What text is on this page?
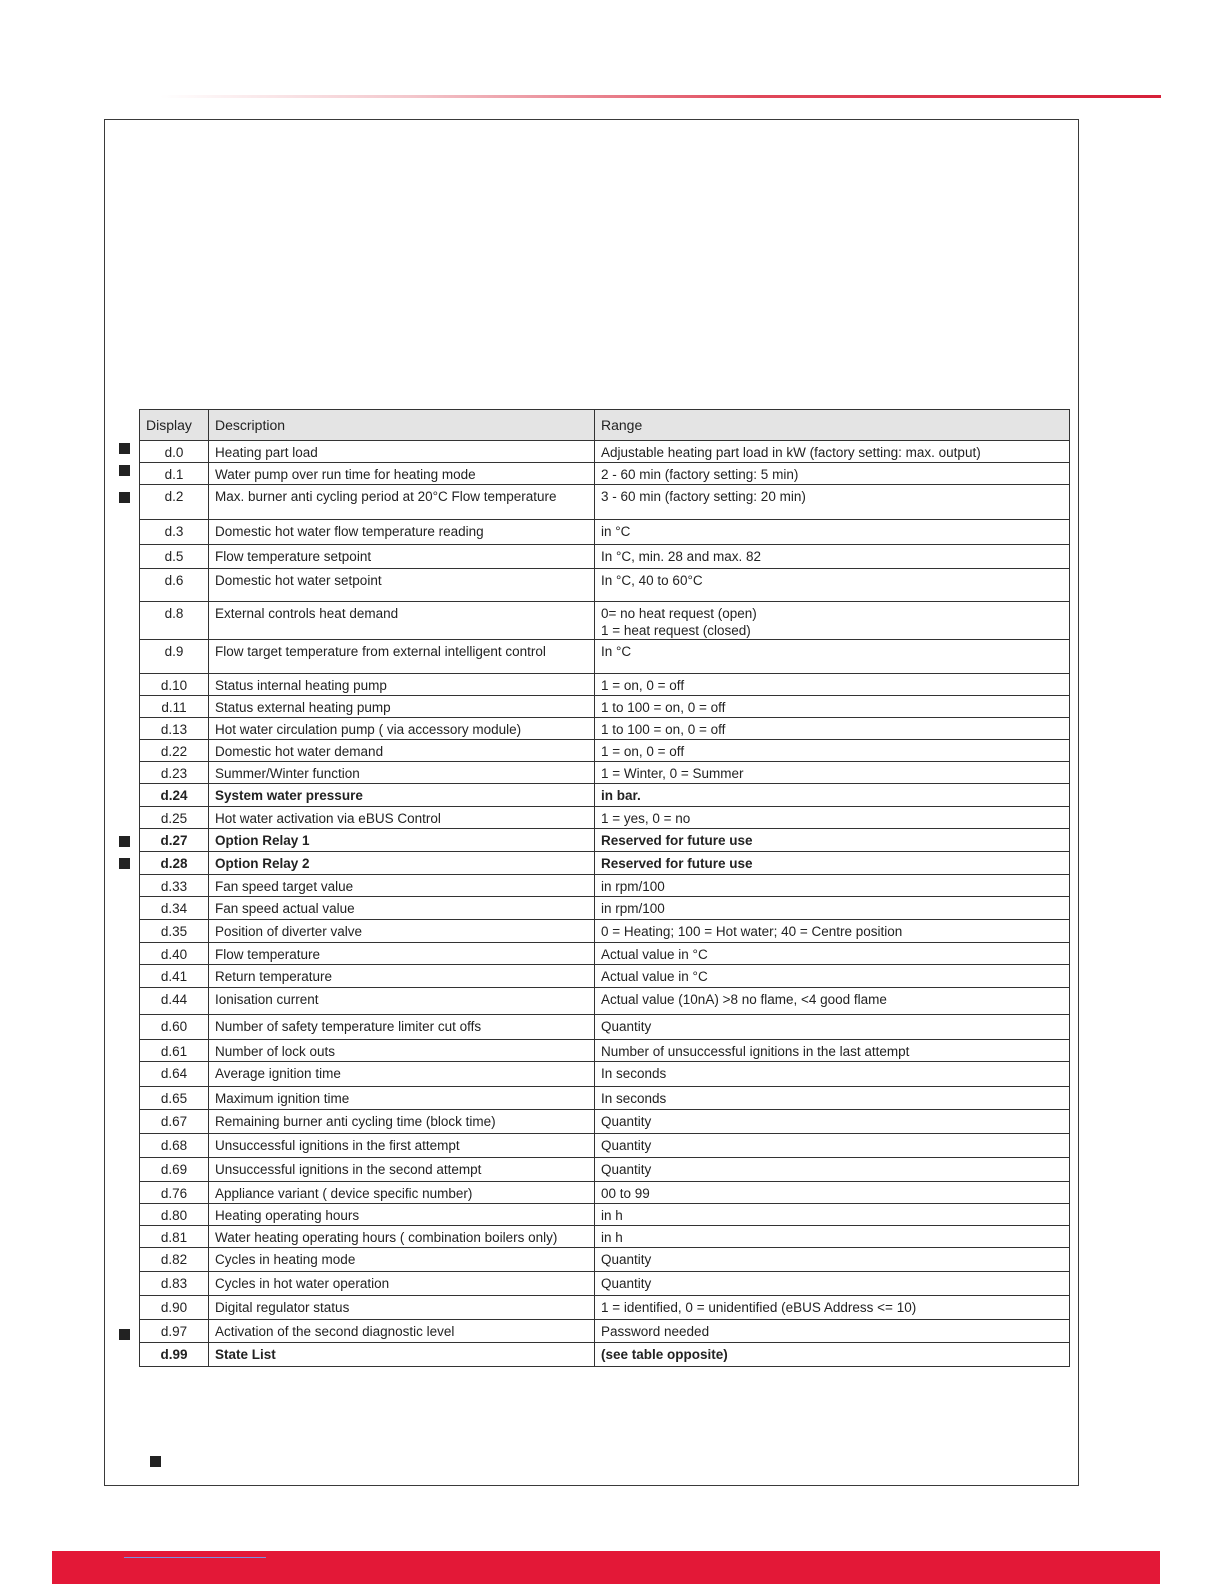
Display	Description	Range
d.0	Heating part load	Adjustable heating part load in kW (factory setting: max. output)
d.1	Water pump over run time for heating mode	2 - 60 min (factory setting: 5 min)
d.2	Max. burner anti cycling period at 20°C Flow temperature	3 - 60 min (factory setting: 20 min)
d.3	Domestic hot water flow temperature reading	in °C
d.5	Flow temperature setpoint	In °C, min. 28 and max. 82
d.6	Domestic hot water setpoint	In °C, 40 to 60°C
d.8	External controls heat demand	0= no heat request (open)
1 = heat request (closed)
d.9	Flow target temperature from external intelligent control	In °C
d.10	Status internal heating pump	1 = on, 0 = off
d.11	Status external heating pump	1 to 100 = on, 0 = off
d.13	Hot water circulation pump ( via accessory module)	1 to 100 = on, 0 = off
d.22	Domestic hot water demand	1 = on, 0 = off
d.23	Summer/Winter function	1 = Winter, 0 = Summer
d.24	System water pressure	in bar.
d.25	Hot water activation via eBUS Control	1 = yes, 0 = no
d.27	Option Relay 1	Reserved for future use
d.28	Option Relay 2	Reserved for future use
d.33	Fan speed target value	in rpm/100
d.34	Fan speed actual value	in rpm/100
d.35	Position of diverter valve	0 = Heating; 100 = Hot water; 40 = Centre position
d.40	Flow temperature	Actual value in °C
d.41	Return temperature	Actual value in °C
d.44	Ionisation current	Actual value (10nA) >8 no flame, <4 good flame
d.60	Number of safety temperature limiter cut offs	Quantity
d.61	Number of lock outs	Number of unsuccessful ignitions in the last attempt
d.64	Average ignition time	In seconds
d.65	Maximum ignition time	In seconds
d.67	Remaining burner anti cycling time (block time)	Quantity
d.68	Unsuccessful ignitions in the first attempt	Quantity
d.69	Unsuccessful ignitions in the second attempt	Quantity
d.76	Appliance variant ( device specific number)	00 to 99
d.80	Heating operating hours	in h
d.81	Water heating operating hours ( combination boilers only)	in h
d.82	Cycles in heating mode	Quantity
d.83	Cycles in hot water operation	Quantity
d.90	Digital regulator status	1 = identified, 0 = unidentified (eBUS Address <= 10)
d.97	Activation of the second diagnostic level	Password needed
d.99	State List	(see table opposite)
